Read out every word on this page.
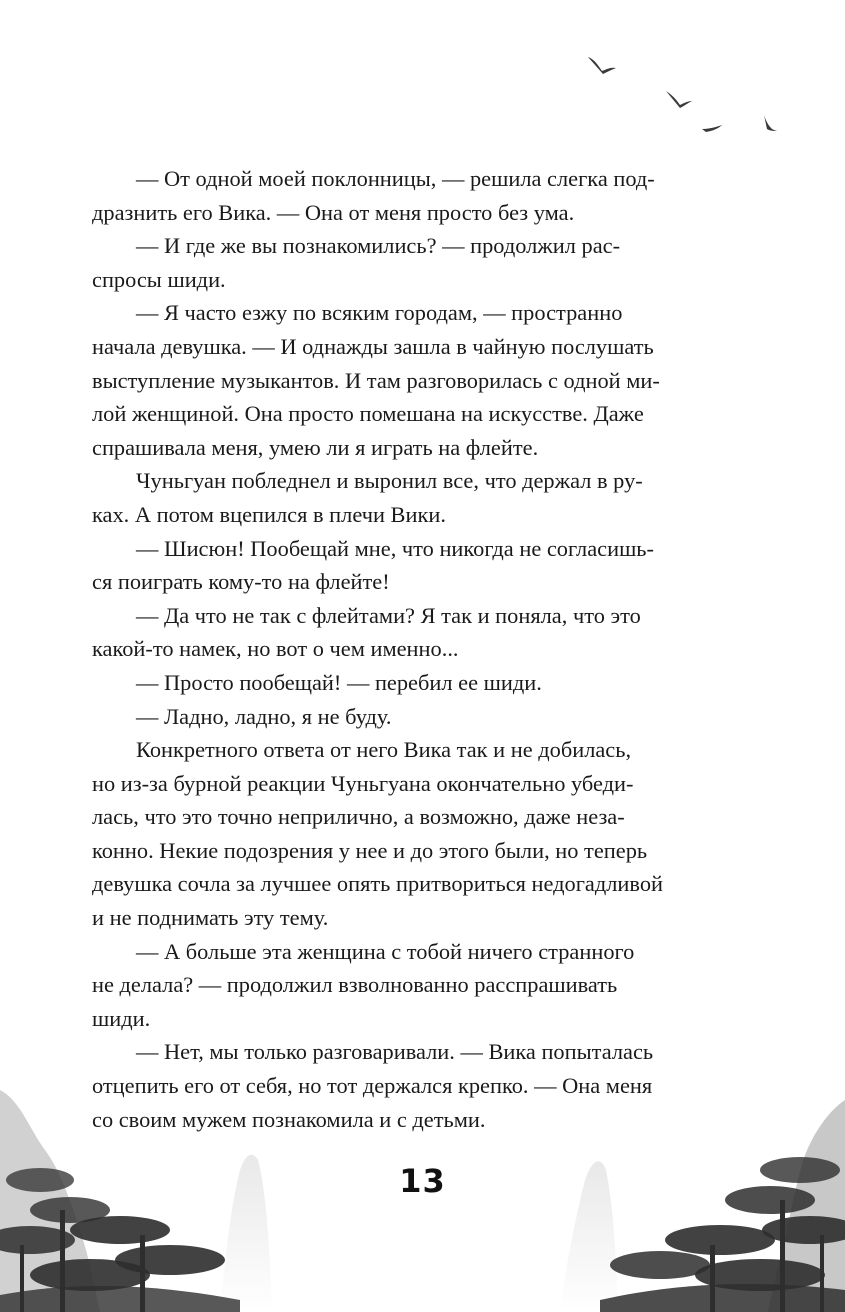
— От одной моей поклонницы, — решила слегка под-
дразнить его Вика. — Она от меня просто без ума.
— И где же вы познакомились? — продолжил рас-
спросы шиди.
— Я часто езжу по всяким городам, — пространно
начала девушка. — И однажды зашла в чайную послушать
выступление музыкантов. И там разговорилась с одной ми-
лой женщиной. Она просто помешана на искусстве. Даже
спрашивала меня, умею ли я играть на флейте.
Чуньгуан побледнел и выронил все, что держал в ру-
ках. А потом вцепился в плечи Вики.
— Шисюн! Пообещай мне, что никогда не согласишь-
ся поиграть кому-то на флейте!
— Да что не так с флейтами? Я так и поняла, что это
какой-то намек, но вот о чем именно...
— Просто пообещай! — перебил ее шиди.
— Ладно, ладно, я не буду.
Конкретного ответа от него Вика так и не добилась,
но из-за бурной реакции Чуньгуана окончательно убеди-
лась, что это точно неприлично, а возможно, даже неза-
конно. Некие подозрения у нее и до этого были, но теперь
девушка сочла за лучшее опять притвориться недогадливой
и не поднимать эту тему.
— А больше эта женщина с тобой ничего странного
не делала? — продолжил взволнованно расспрашивать
шиди.
— Нет, мы только разговаривали. — Вика попыталась
отцепить его от себя, но тот держался крепко. — Она меня
со своим мужем познакомила и с детьми.
13
